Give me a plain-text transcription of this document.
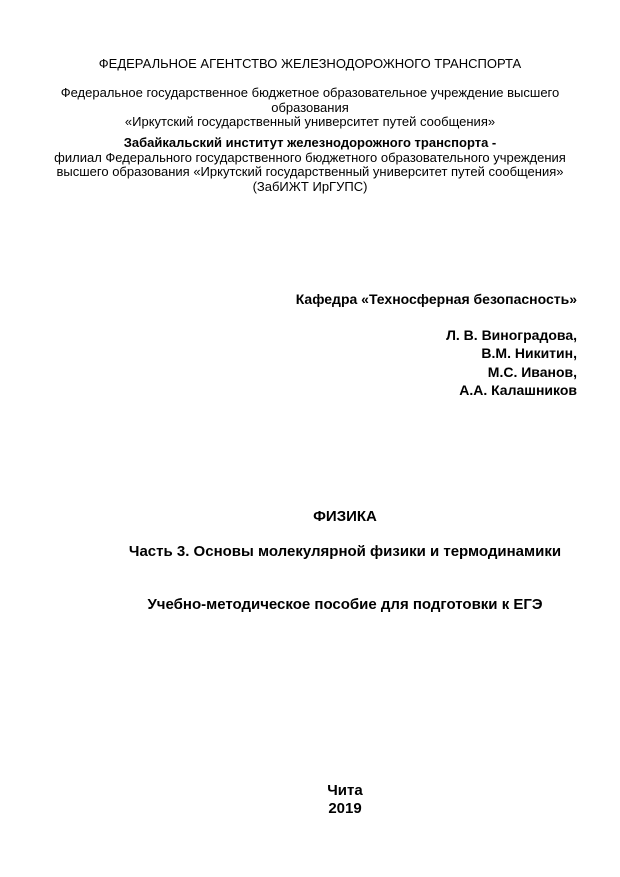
ФЕДЕРАЛЬНОЕ АГЕНТСТВО ЖЕЛЕЗНОДОРОЖНОГО ТРАНСПОРТА
Федеральное государственное бюджетное образовательное учреждение высшего
образования
«Иркутский государственный университет путей сообщения»
Забайкальский институт железнодорожного транспорта -
филиал Федерального государственного бюджетного образовательного учреждения
высшего образования «Иркутский государственный университет путей сообщения»
(ЗабИЖТ ИрГУПС)
Кафедра «Техносферная безопасность»
Л. В. Виноградова,
В.М. Никитин,
М.С. Иванов,
А.А. Калашников
ФИЗИКА
Часть 3. Основы молекулярной физики и термодинамики
Учебно-методическое пособие для подготовки к ЕГЭ
Чита
2019
